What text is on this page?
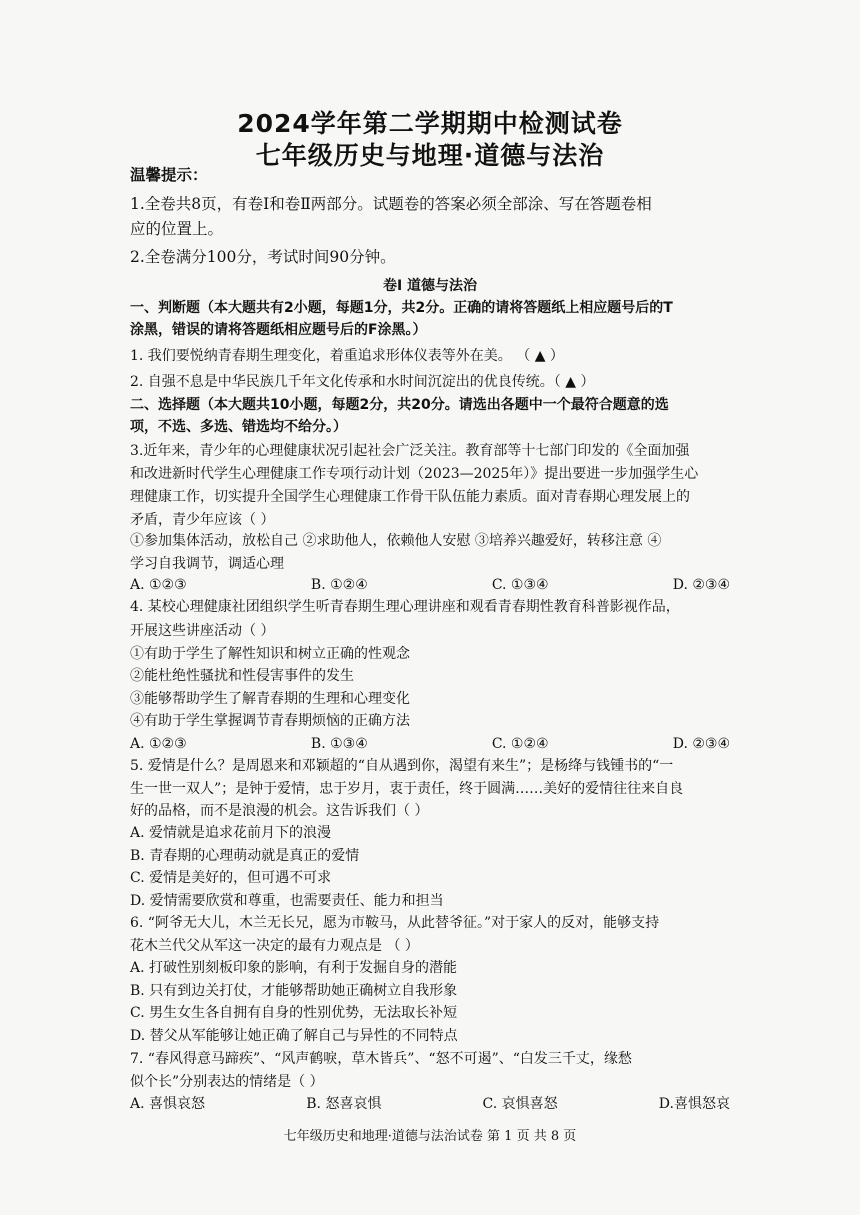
2024学年第二学期期中检测试卷
七年级历史与地理·道德与法治
温馨提示：
1.全卷共8页，有卷Ⅰ和卷Ⅱ两部分。试题卷的答案必须全部涂、写在答题卷相
应的位置上。
2.全卷满分100分，考试时间90分钟。
卷Ⅰ 道德与法治
一、判断题（本大题共有2小题，每题1分，共2分。正确的请将答题纸上相应题号后的T
涂黑，错误的请将答题纸相应题号后的F涂黑。）
1. 我们要悦纳青春期生理变化，着重追求形体仪表等外在美。 （ ▲ ）
2. 自强不息是中华民族几千年文化传承和水时间沉淀出的优良传统。（ ▲ ）
二、选择题（本大题共10小题，每题2分，共20分。请选出各题中一个最符合题意的选
项，不选、多选、错选均不给分。）
3.近年来，青少年的心理健康状况引起社会广泛关注。教育部等十七部门印发的《全面加强
和改进新时代学生心理健康工作专项行动计划（2023—2025年）》提出要进一步加强学生心
理健康工作，切实提升全国学生心理健康工作骨干队伍能力素质。面对青春期心理发展上的
矛盾，青少年应该（ ）
①参加集体活动，放松自己 ②求助他人，依赖他人安慰 ③培养兴趣爱好，转移注意 ④
学习自我调节，调适心理
A. ①②③	B. ①②④	C. ①③④	D. ②③④
4. 某校心理健康社团组织学生听青春期生理心理讲座和观看青春期性教育科普影视作品，
开展这些讲座活动（ ）
①有助于学生了解性知识和树立正确的性观念
②能杜绝性骚扰和性侵害事件的发生
③能够帮助学生了解青春期的生理和心理变化
④有助于学生掌握调节青春期烦恼的正确方法
A. ①②③	B. ①③④	C. ①②④	D. ②③④
5. 爱情是什么？是周恩来和邓颖超的“自从遇到你，渴望有来生”；是杨绛与钱锺书的“一
生一世一双人”；是钟于爱情，忠于岁月，衷于责任，终于圆满……美好的爱情往往来自良
好的品格，而不是浪漫的机会。这告诉我们（ ）
A. 爱情就是追求花前月下的浪漫
B. 青春期的心理萌动就是真正的爱情
C. 爱情是美好的，但可遇不可求
D. 爱情需要欣赏和尊重，也需要责任、能力和担当
6. “阿爷无大儿，木兰无长兄，愿为市鞍马，从此替爷征。”对于家人的反对，能够支持
花木兰代父从军这一决定的最有力观点是 （ ）
A. 打破性别刻板印象的影响，有利于发掘自身的潜能
B. 只有到边关打仗，才能够帮助她正确树立自我形象
C. 男生女生各自拥有自身的性别优势，无法取长补短
D. 替父从军能够让她正确了解自己与异性的不同特点
7. “春风得意马蹄疾”、“风声鹤唳，草木皆兵”、“怒不可遏”、“白发三千丈，缘愁
似个长”分别表达的情绪是（ ）
A. 喜惧哀怒	B. 怒喜哀惧	C. 哀惧喜怒	D.喜惧怒哀
七年级历史和地理·道德与法治试卷 第 1 页 共 8 页
